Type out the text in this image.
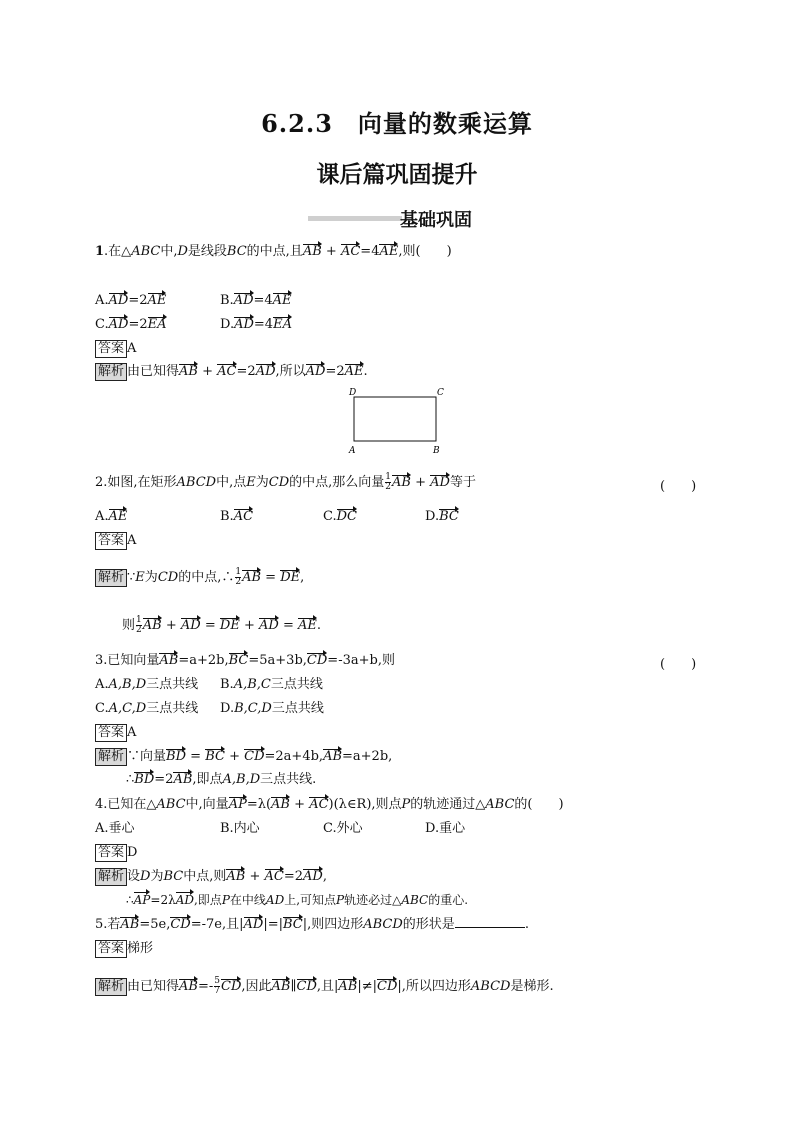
6.2.3　向量的数乘运算
课后篇巩固提升
基础巩固
1.在△ABC中,D是线段BC的中点,且AB + AC=4AE,则(　　)
A.AD=2AE	B.AD=4AE
C.AD=2EA	D.AD=4EA
答案 A
解析 由已知得AB + AC=2AD,所以AD=2AE.
D	C
A	B
2.如图,在矩形ABCD中,点E为CD的中点,那么向量 $\frac{1}{2}$ AB + AD等于	(　　)
A.AE	B.AC	C.DC	D.BC
答案 A
解析 ∵E为CD的中点,∴ $\frac{1}{2}$ AB = DE,
则 $\frac{1}{2}$ AB + AD = DE + AD = AE.
3.已知向量AB=a+2b,BC=5a+3b,CD=-3a+b,则	(　　)
A.A,B,D三点共线 B.A,B,C三点共线
C.A,C,D三点共线 D.B,C,D三点共线
答案 A
解析 ∵向量BD = BC + CD=2a+4b,AB=a+2b,
∴BD=2AB,即点A,B,D三点共线.
4.已知在△ABC中,向量AP=λ(AB + AC)(λ∈R),则点P的轨迹通过△ABC的(　　)
A.垂心	B.内心	C.外心	D.重心
答案 D
解析 设D为BC中点,则AB + AC=2AD,
∴AP=2λAD,即点P在中线AD上,可知点P轨迹必过△ABC的重心.
5.若AB=5e,CD=-7e,且|AD|=|BC|,则四边形ABCD的形状是	.
答案 梯形
解析 由已知得$AB=- \frac{5}{7}$ CD,因此AB∥CD,且|AB|≠|CD|,所以四边形ABCD是梯形.
